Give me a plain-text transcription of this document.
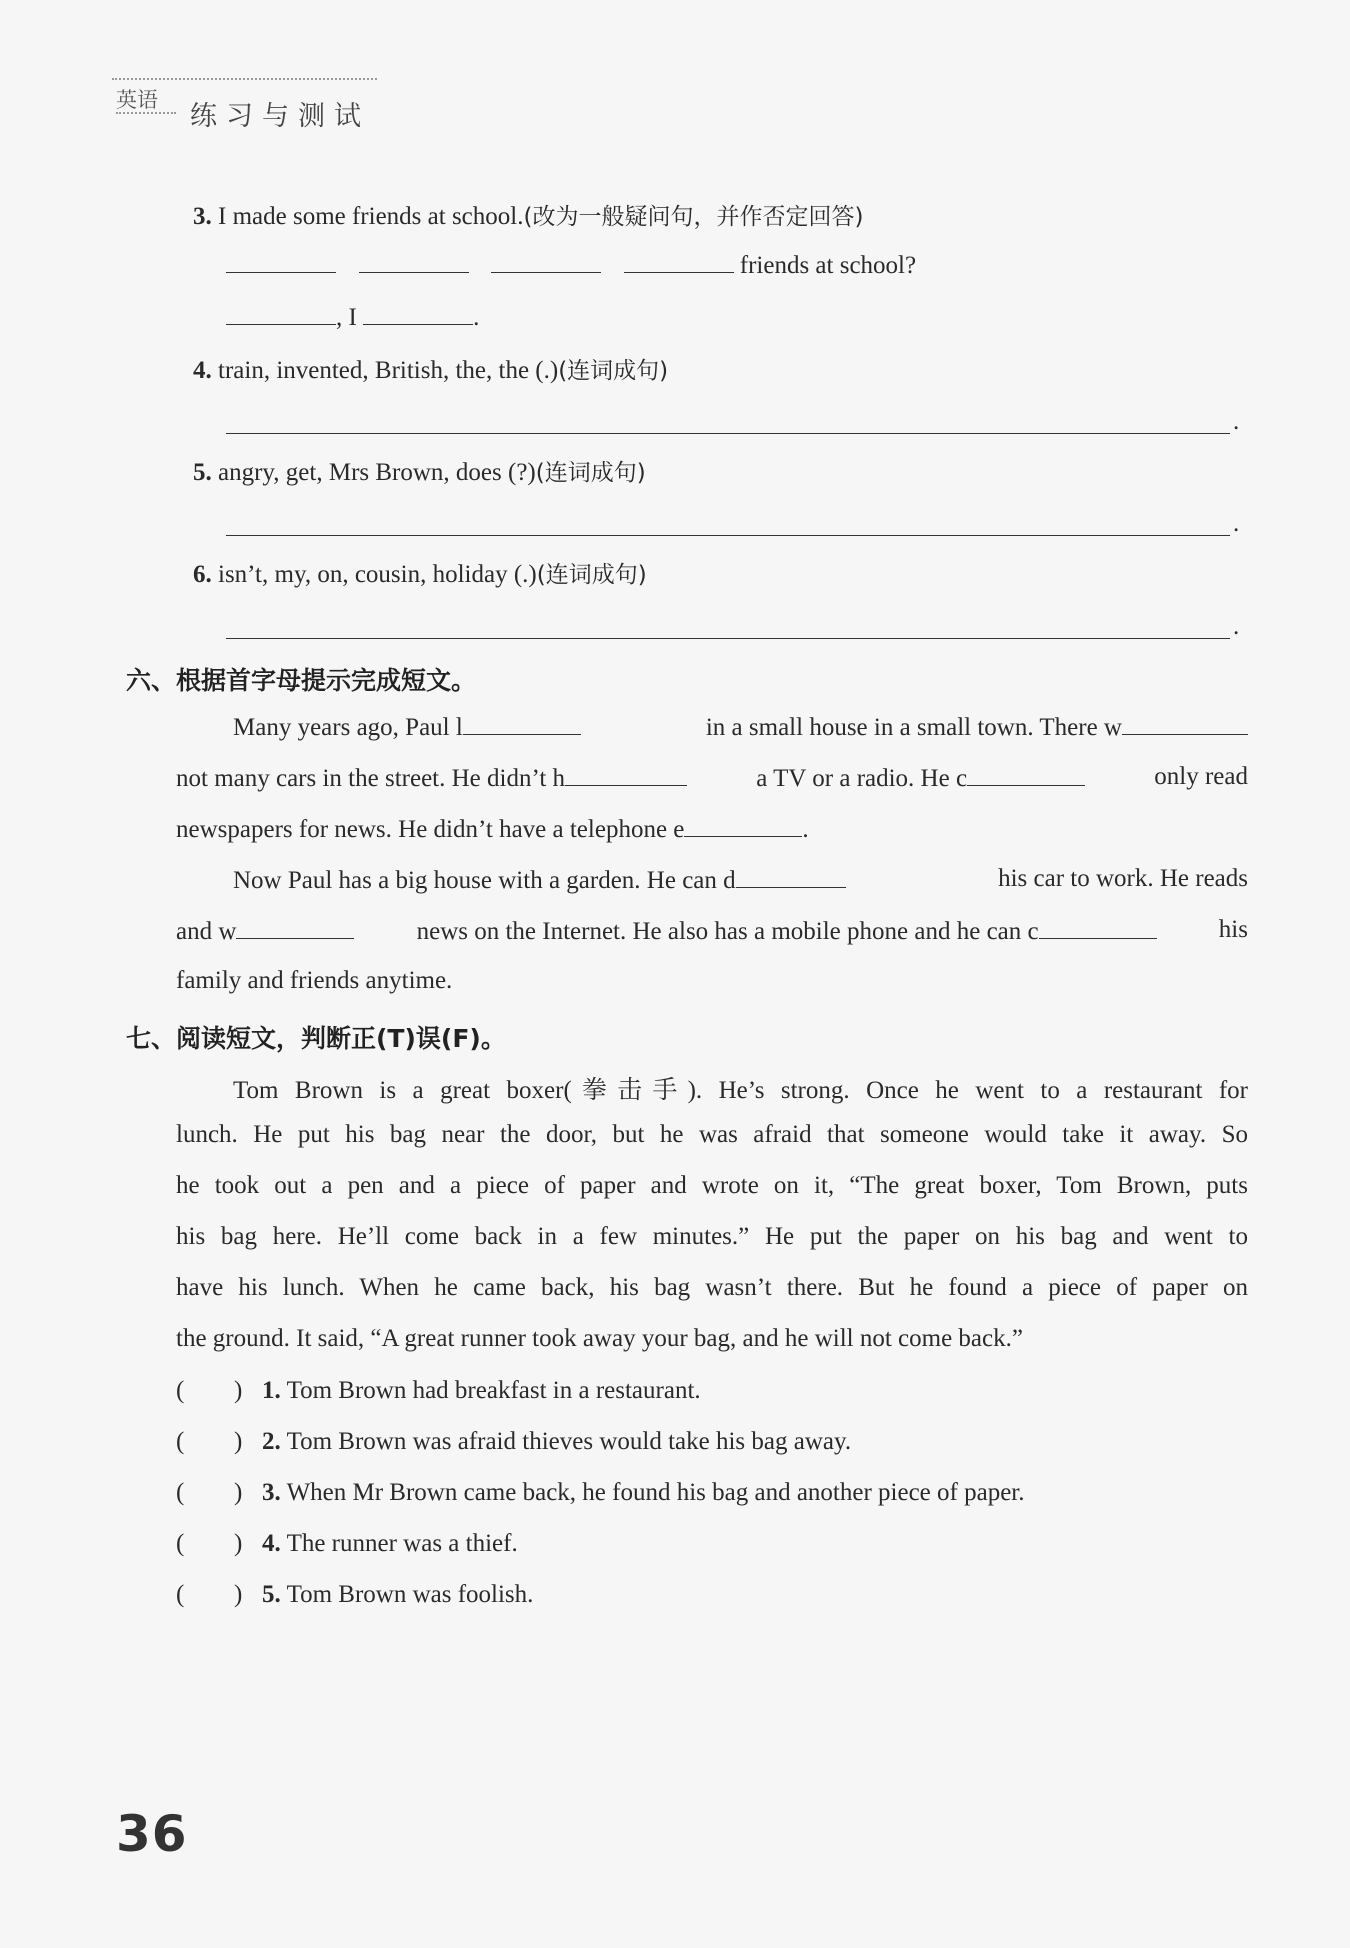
英语
练习与测试
3. I made some friends at school.(改为一般疑问句，并作否定回答)
friends at school?
, I	.
4. train, invented, British, the, the (.)(连词成句)
.
5. angry, get, Mrs Brown, does (?)(连词成句)
.
6. isn’t, my, on, cousin, holiday (.)(连词成句)
.
六、根据首字母提示完成短文。
Many years ago, Paul l	in a small house in a small town. There w
not many cars in the street. He didn’t h	a TV or a radio. He c	only read
newspapers for news. He didn’t have a telephone e	.
Now Paul has a big house with a garden. He can d	his car to work. He reads
and w	news on the Internet. He also has a mobile phone and he can c	his
family and friends anytime.
七、阅读短文，判断正(T)误(F)。
Tom Brown is a great boxer(拳击手). He’s strong. Once he went to a restaurant for
lunch. He put his bag near the door, but he was afraid that someone would take it away. So
he took out a pen and a piece of paper and wrote on it, “The great boxer, Tom Brown, puts
his bag here. He’ll come back in a few minutes.” He put the paper on his bag and went to
have his lunch. When he came back, his bag wasn’t there. But he found a piece of paper on
the ground. It said, “A great runner took away your bag, and he will not come back.”
( ) 1. Tom Brown had breakfast in a restaurant.
( ) 2. Tom Brown was afraid thieves would take his bag away.
( ) 3. When Mr Brown came back, he found his bag and another piece of paper.
( ) 4. The runner was a thief.
( ) 5. Tom Brown was foolish.
36
